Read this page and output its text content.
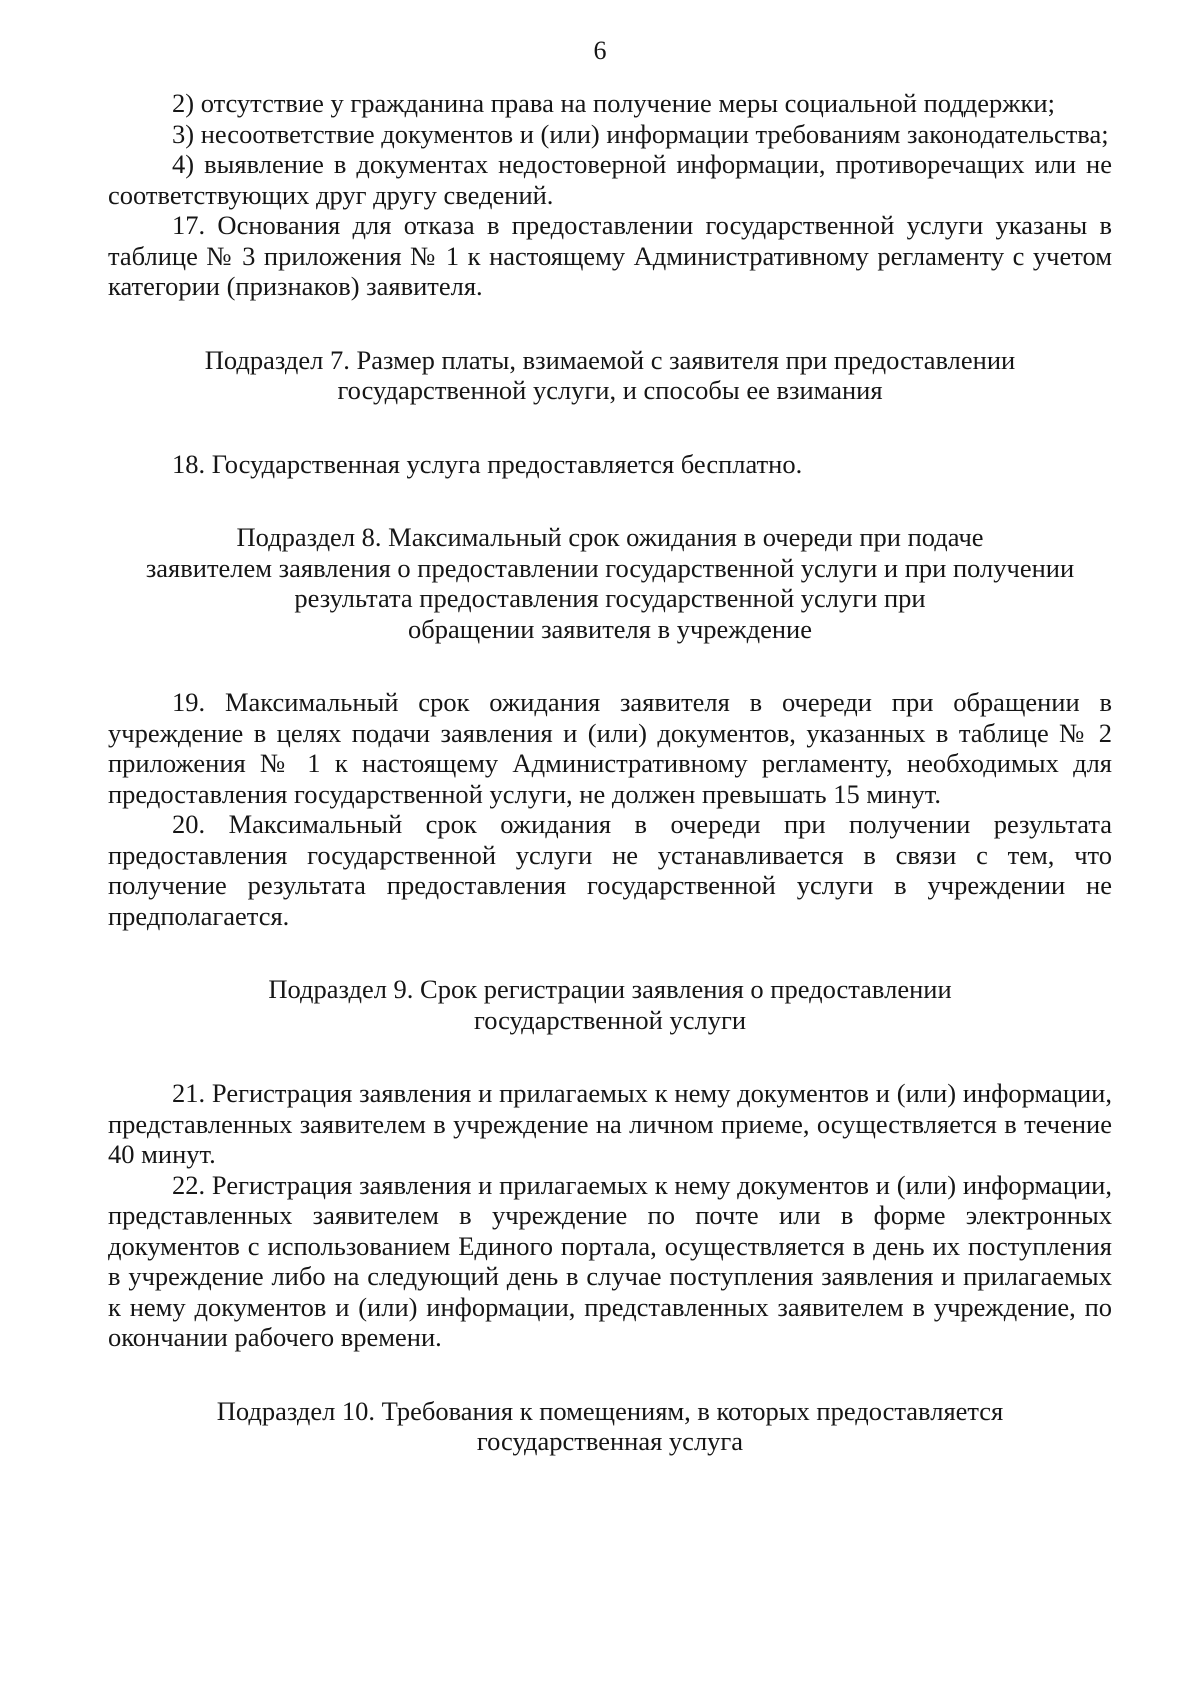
6

2) отсутствие у гражданина права на получение меры социальной поддержки;

3) несоответствие документов и (или) информации требованиям законодательства;

4) выявление в документах недостоверной информации, противоречащих или не соответствующих друг другу сведений.

17. Основания для отказа в предоставлении государственной услуги указаны в таблице № 3 приложения № 1 к настоящему Административному регламенту с учетом категории (признаков) заявителя.

Подраздел 7. Размер платы, взимаемой с заявителя при предоставлении
государственной услуги, и способы ее взимания

18. Государственная услуга предоставляется бесплатно.

Подраздел 8. Максимальный срок ожидания в очереди при подаче
заявителем заявления о предоставлении государственной услуги и при получении
результата предоставления государственной услуги при
обращении заявителя в учреждение

19. Максимальный срок ожидания заявителя в очереди при обращении в учреждение в целях подачи заявления и (или) документов, указанных в таблице № 2 приложения № 1 к настоящему Административному регламенту, необходимых для предоставления государственной услуги, не должен превышать 15 минут.

20. Максимальный срок ожидания в очереди при получении результата предоставления государственной услуги не устанавливается в связи с тем, что получение результата предоставления государственной услуги в учреждении не предполагается.

Подраздел 9. Срок регистрации заявления о предоставлении
государственной услуги

21. Регистрация заявления и прилагаемых к нему документов и (или) информации, представленных заявителем в учреждение на личном приеме, осуществляется в течение 40 минут.

22. Регистрация заявления и прилагаемых к нему документов и (или) информации, представленных заявителем в учреждение по почте или в форме электронных документов с использованием Единого портала, осуществляется в день их поступления в учреждение либо на следующий день в случае поступления заявления и прилагаемых к нему документов и (или) информации, представленных заявителем в учреждение, по окончании рабочего времени.

Подраздел 10. Требования к помещениям, в которых предоставляется
государственная услуга
